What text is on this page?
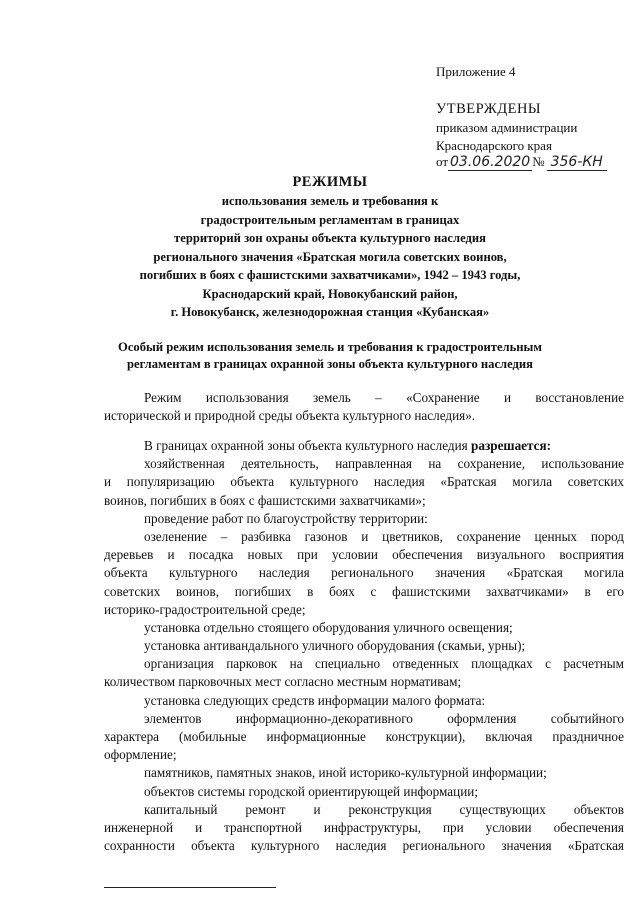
Приложение 4
УТВЕРЖДЕНЫ
приказом администрации
Краснодарского края
от 03.06.2020 № 356-КН
РЕЖИМЫ
использования земель и требования к
градостроительным регламентам в границах
территорий зон охраны объекта культурного наследия
регионального значения «Братская могила советских воинов,
погибших в боях с фашистскими захватчиками», 1942 – 1943 годы,
Краснодарский край, Новокубанский район,
г. Новокубанск, железнодорожная станция «Кубанская»
Особый режим использования земель и требования к градостроительным
регламентам в границах охранной зоны объекта культурного наследия
Режим использования земель – «Сохранение и восстановление
исторической и природной среды объекта культурного наследия».
В границах охранной зоны объекта культурного наследия разрешается:
хозяйственная деятельность, направленная на сохранение, использование
и популяризацию объекта культурного наследия «Братская могила советских
воинов, погибших в боях с фашистскими захватчиками»;
проведение работ по благоустройству территории:
озеленение – разбивка газонов и цветников, сохранение ценных пород
деревьев и посадка новых при условии обеспечения визуального восприятия
объекта культурного наследия регионального значения «Братская могила
советских воинов, погибших в боях с фашистскими захватчиками» в его
историко-градостроительной среде;
установка отдельно стоящего оборудования уличного освещения;
установка антивандального уличного оборудования (скамьи, урны);
организация парковок на специально отведенных площадках с расчетным
количеством парковочных мест согласно местным нормативам;
установка следующих средств информации малого формата:
элементов информационно-декоративного оформления событийного
характера (мобильные информационные конструкции), включая праздничное
оформление;
памятников, памятных знаков, иной историко-культурной информации;
объектов системы городской ориентирующей информации;
капитальный ремонт и реконструкция существующих объектов
инженерной и транспортной инфраструктуры, при условии обеспечения
сохранности объекта культурного наследия регионального значения «Братская
